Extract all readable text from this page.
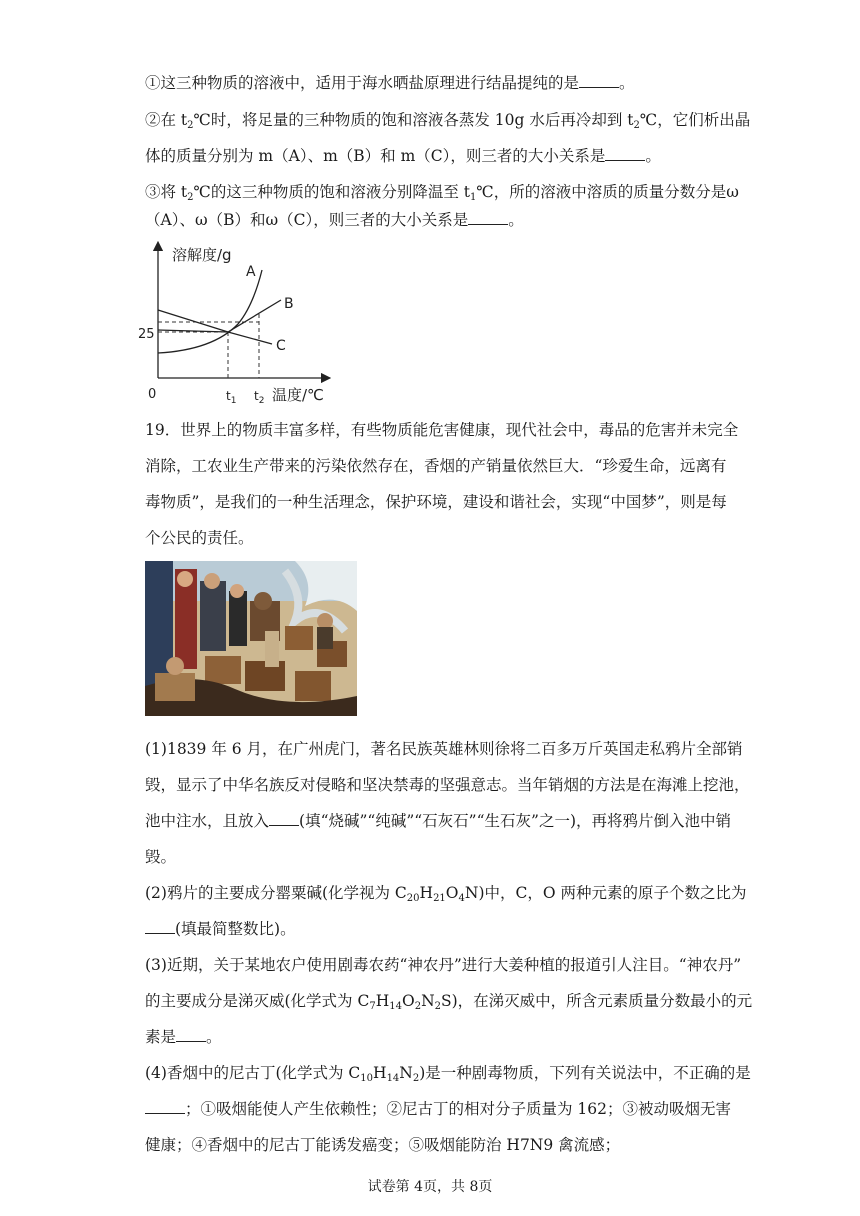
①这三种物质的溶液中，适用于海水晒盐原理进行结晶提纯的是	。
②在 $t_2℃$时，将足量的三种物质的饱和溶液各蒸发 10g 水后再冷却到 $t_2℃$，它们析出晶
体的质量分别为 m（A）、m（B）和 m（C），则三者的大小关系是	。
③将 $t_2℃$的这三种物质的饱和溶液分别降温至 $t_1℃$，所的溶液中溶质的质量分数分是ω
（A）、ω（B）和ω（C），则三者的大小关系是	。
溶解度/g
0
25
$t_1$ $t_2$ 温度/℃
A
B
C
19．世界上的物质丰富多样，有些物质能危害健康，现代社会中，毒品的危害并未完全
消除，工农业生产带来的污染依然存在，香烟的产销量依然巨大．“珍爱生命，远离有
毒物质”，是我们的一种生活理念，保护环境，建设和谐社会，实现“中国梦”，则是每
个公民的责任。
(1)1839 年 6 月，在广州虎门，著名民族英雄林则徐将二百多万斤英国走私鸦片全部销
毁，显示了中华名族反对侵略和坚决禁毒的坚强意志。当年销烟的方法是在海滩上挖池，
池中注水，且放入 (填“烧碱”“纯碱”“石灰石”“生石灰”之一)，再将鸦片倒入池中销
毁。
(2)鸦片的主要成分罂粟碱(化学视为 $C_{20}H_{21}O_4N$)中，C，O 两种元素的原子个数之比为
(填最简整数比)。
(3)近期，关于某地农户使用剧毒农药“神农丹”进行大姜种植的报道引人注目。“神农丹”
的主要成分是涕灭威(化学式为 $C_7H_{14}O_2N_2S$)，在涕灭威中，所含元素质量分数最小的元
素是 。
(4)香烟中的尼古丁(化学式为 $C_{10}H_{14}N_2$)是一种剧毒物质，下列有关说法中，不正确的是
；①吸烟能使人产生依赖性；②尼古丁的相对分子质量为 162；③被动吸烟无害
健康；④香烟中的尼古丁能诱发癌变；⑤吸烟能防治 H7N9 禽流感；
试卷第 4页，共 8页
